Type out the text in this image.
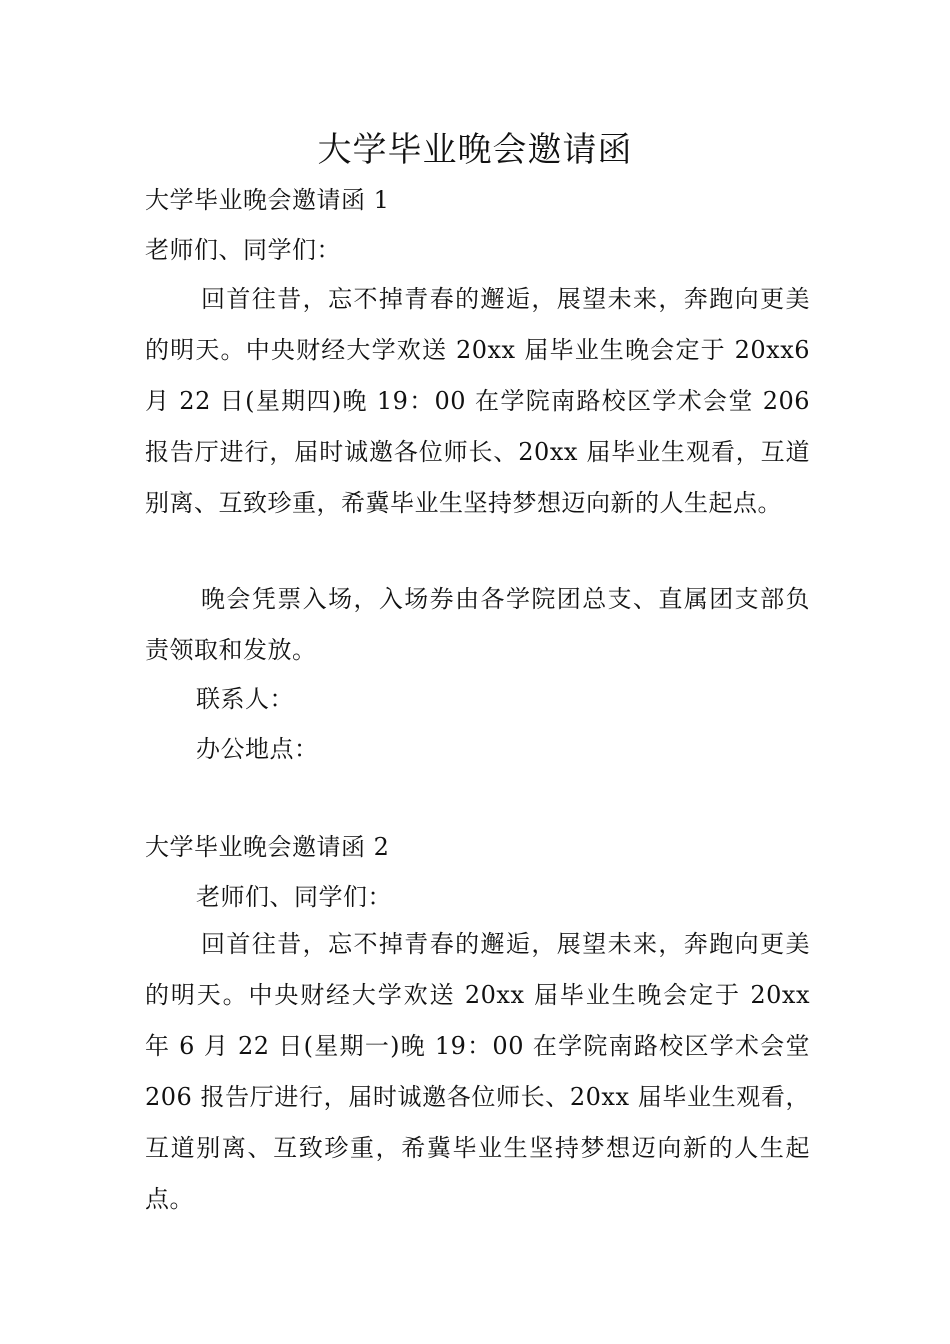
大学毕业晚会邀请函
大学毕业晚会邀请函 1
老师们、同学们：
回首往昔，忘不掉青春的邂逅，展望未来，奔跑向更美的明天。中央财经大学欢送 20xx 届毕业生晚会定于 20xx6 月 22 日(星期四)晚 19：00 在学院南路校区学术会堂 206 报告厅进行，届时诚邀各位师长、20xx 届毕业生观看，互道别离、互致珍重，希冀毕业生坚持梦想迈向新的人生起点。
晚会凭票入场，入场券由各学院团总支、直属团支部负责领取和发放。
联系人：
办公地点：
大学毕业晚会邀请函 2
老师们、同学们：
回首往昔，忘不掉青春的邂逅，展望未来，奔跑向更美的明天。中央财经大学欢送 20xx 届毕业生晚会定于 20xx 年 6 月 22 日(星期一)晚 19：00 在学院南路校区学术会堂 206 报告厅进行，届时诚邀各位师长、20xx 届毕业生观看，互道别离、互致珍重，希冀毕业生坚持梦想迈向新的人生起点。
